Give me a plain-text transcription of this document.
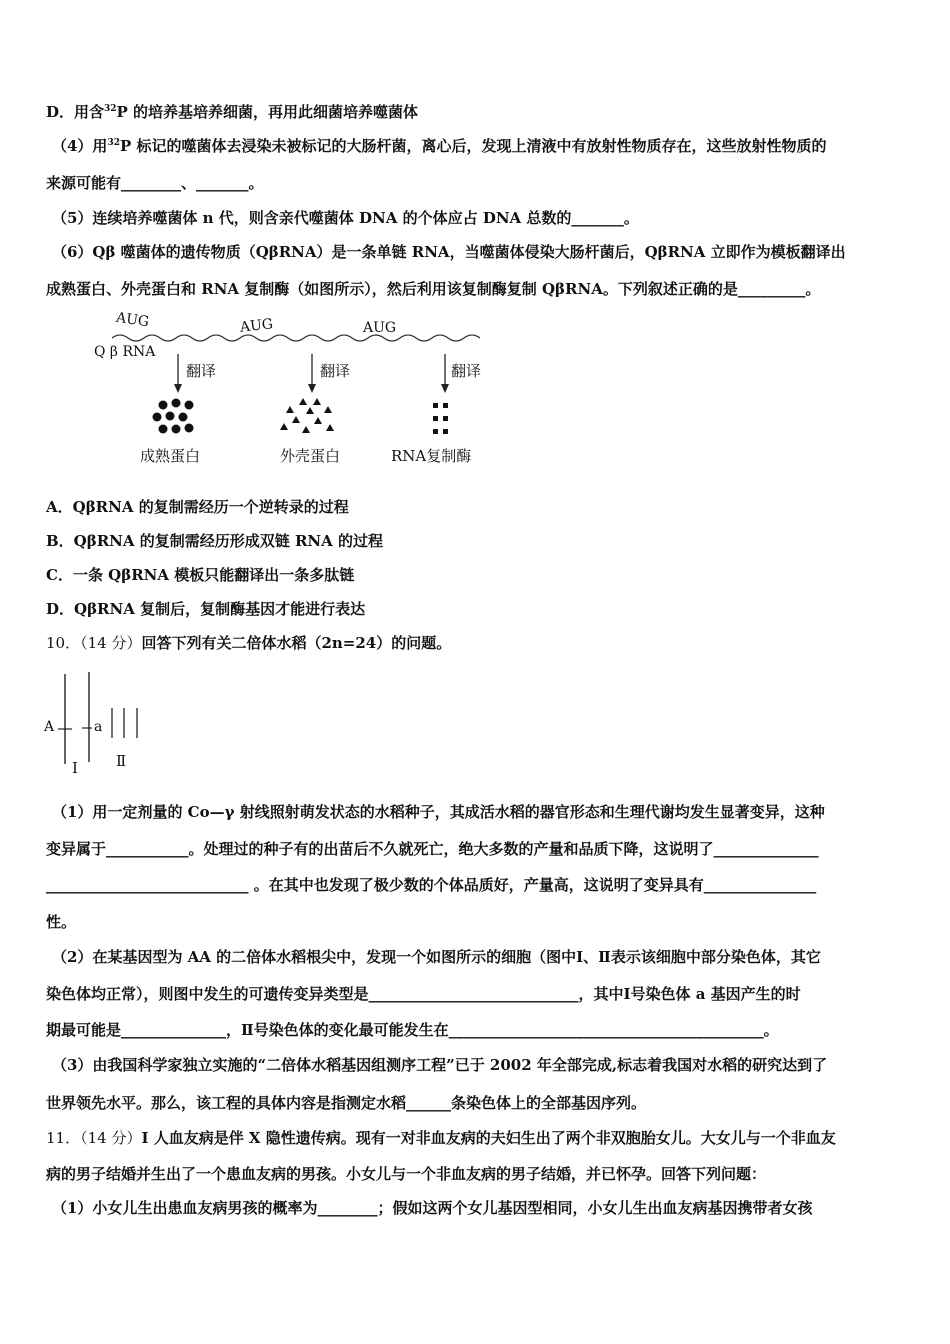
D．用含$^{32}$P 的培养基培养细菌，再用此细菌培养噬菌体
（4）用$^{32}$P 标记的噬菌体去浸染未被标记的大肠杆菌，离心后，发现上清液中有放射性物质存在，这些放射性物质的
来源可能有________、_______。
（5）连续培养噬菌体 n 代，则含亲代噬菌体 DNA 的个体应占 DNA 总数的_______。
（6）Qβ 噬菌体的遗传物质（QβRNA）是一条单链 RNA，当噬菌体侵染大肠杆菌后，QβRNA 立即作为模板翻译出
成熟蛋白、外壳蛋白和 RNA 复制酶（如图所示），然后利用该复制酶复制 QβRNA。下列叙述正确的是_________。
AUG	AUG	AUG
Q β RNA
翻译	翻译	翻译
成熟蛋白	外壳蛋白	RNA复制酶
A．QβRNA 的复制需经历一个逆转录的过程
B．QβRNA 的复制需经历形成双链 RNA 的过程
C．一条 QβRNA 模板只能翻译出一条多肽链
D．QβRNA 复制后，复制酶基因才能进行表达
10．（14 分）回答下列有关二倍体水稻（2n=24）的问题。
A	a
I	Ⅱ
（1）用一定剂量的 Co—γ 射线照射萌发状态的水稻种子，其成活水稻的器官形态和生理代谢均发生显著变异，这种
变异属于___________。处理过的种子有的出苗后不久就死亡，绝大多数的产量和品质下降，这说明了______________
___________________________ 。在其中也发现了极少数的个体品质好，产量高，这说明了变异具有_______________
性。
（2）在某基因型为 AA 的二倍体水稻根尖中，发现一个如图所示的细胞（图中Ⅰ、Ⅱ表示该细胞中部分染色体，其它
染色体均正常），则图中发生的可遗传变异类型是____________________________，其中Ⅰ号染色体 a 基因产生的时
期最可能是______________，Ⅱ号染色体的变化最可能发生在__________________________________________。
（3）由我国科学家独立实施的“二倍体水稻基因组测序工程”已于 2002 年全部完成,标志着我国对水稻的研究达到了
世界领先水平。那么，该工程的具体内容是指测定水稻______条染色体上的全部基因序列。
11．（14 分）I 人血友病是伴 X 隐性遗传病。现有一对非血友病的夫妇生出了两个非双胞胎女儿。大女儿与一个非血友
病的男子结婚并生出了一个患血友病的男孩。小女儿与一个非血友病的男子结婚，并已怀孕。回答下列问题：
（1）小女儿生出患血友病男孩的概率为________；假如这两个女儿基因型相同，小女儿生出血友病基因携带者女孩
